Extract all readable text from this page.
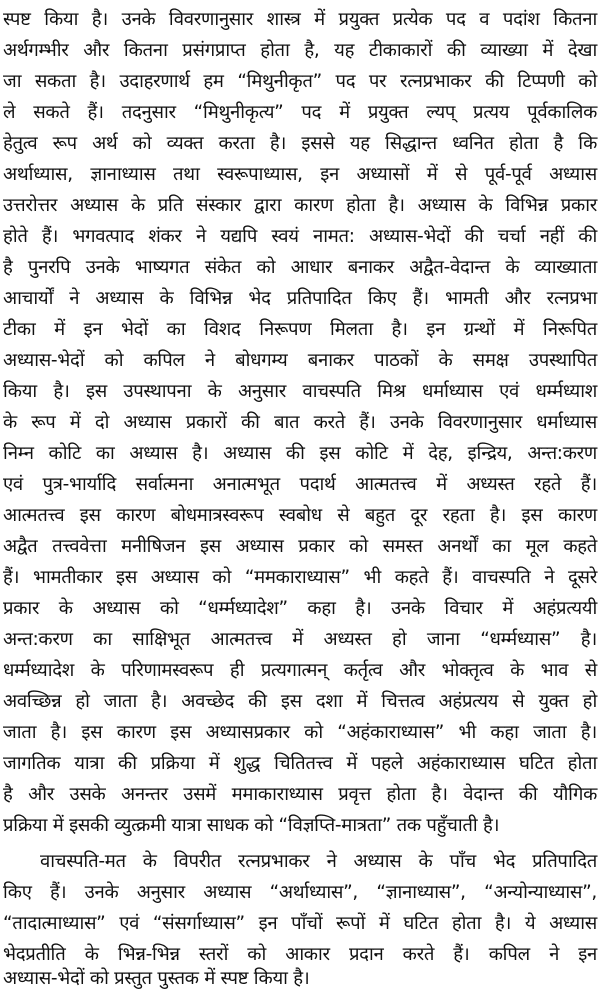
स्पष्ट किया है। उनके विवरणानुसार शास्त्र में प्रयुक्त प्रत्येक पद व पदांश कितना
अर्थगम्भीर और कितना प्रसंगप्राप्त होता है, यह टीकाकारों की व्याख्या में देखा
जा सकता है। उदाहरणार्थ हम “मिथुनीकृत” पद पर रत्नप्रभाकर की टिप्पणी को
ले सकते हैं। तदनुसार “मिथुनीकृत्य” पद में प्रयुक्त ल्यप् प्रत्यय पूर्वकालिक
हेतुत्व रूप अर्थ को व्यक्त करता है। इससे यह सिद्धान्त ध्वनित होता है कि
अर्थाध्यास, ज्ञानाध्यास तथा स्वरूपाध्यास, इन अध्यासों में से पूर्व-पूर्व अध्यास
उत्तरोत्तर अध्यास के प्रति संस्कार द्वारा कारण होता है। अध्यास के विभिन्न प्रकार
होते हैं। भगवत्पाद शंकर ने यद्यपि स्वयं नामत: अध्यास-भेदों की चर्चा नहीं की
है पुनरपि उनके भाष्यगत संकेत को आधार बनाकर अद्वैत-वेदान्त के व्याख्याता
आचार्यों ने अध्यास के विभिन्न भेद प्रतिपादित किए हैं। भामती और रत्नप्रभा
टीका में इन भेदों का विशद निरूपण मिलता है। इन ग्रन्थों में निरूपित
अध्यास-भेदों को कपिल ने बोधगम्य बनाकर पाठकों के समक्ष उपस्थापित
किया है। इस उपस्थापना के अनुसार वाचस्पति मिश्र धर्माध्यास एवं धर्म्मध्याश
के रूप में दो अध्यास प्रकारों की बात करते हैं। उनके विवरणानुसार धर्माध्यास
निम्न कोटि का अध्यास है। अध्यास की इस कोटि में देह, इन्द्रिय, अन्त:करण
एवं पुत्र-भार्यादि सर्वात्मना अनात्मभूत पदार्थ आत्मतत्त्व में अध्यस्त रहते हैं।
आत्मतत्त्व इस कारण बोधमात्रस्वरूप स्वबोध से बहुत दूर रहता है। इस कारण
अद्वैत तत्त्ववेत्ता मनीषिजन इस अध्यास प्रकार को समस्त अनर्थों का मूल कहते
हैं। भामतीकार इस अध्यास को “ममकाराध्यास” भी कहते हैं। वाचस्पति ने दूसरे
प्रकार के अध्यास को “धर्म्मध्यादेश” कहा है। उनके विचार में अहंप्रत्ययी
अन्त:करण का साक्षिभूत आत्मतत्त्व में अध्यस्त हो जाना “धर्म्मध्यास” है।
धर्म्मध्यादेश के परिणामस्वरूप ही प्रत्यगात्मन् कर्तृत्व और भोक्तृत्व के भाव से
अवच्छिन्न हो जाता है। अवच्छेद की इस दशा में चित्तत्व अहंप्रत्यय से युक्त हो
जाता है। इस कारण इस अध्यासप्रकार को “अहंकाराध्यास” भी कहा जाता है।
जागतिक यात्रा की प्रक्रिया में शुद्ध चितितत्त्व में पहले अहंकाराध्यास घटित होता
है और उसके अनन्तर उसमें ममाकाराध्यास प्रवृत्त होता है। वेदान्त की यौगिक
प्रक्रिया में इसकी व्युत्क्रमी यात्रा साधक को “विज्ञप्ति-मात्रता” तक पहुँचाती है।
वाचस्पति-मत के विपरीत रत्नप्रभाकर ने अध्यास के पाँच भेद प्रतिपादित
किए हैं। उनके अनुसार अध्यास “अर्थाध्यास”, “ज्ञानाध्यास”, “अन्योन्याध्यास”,
“तादात्माध्यास” एवं “संसर्गाध्यास” इन पाँचों रूपों में घटित होता है। ये अध्यास
भेदप्रतीति के भिन्न-भिन्न स्तरों को आकार प्रदान करते हैं। कपिल ने इन
अध्यास-भेदों को प्रस्तुत पुस्तक में स्पष्ट किया है।
